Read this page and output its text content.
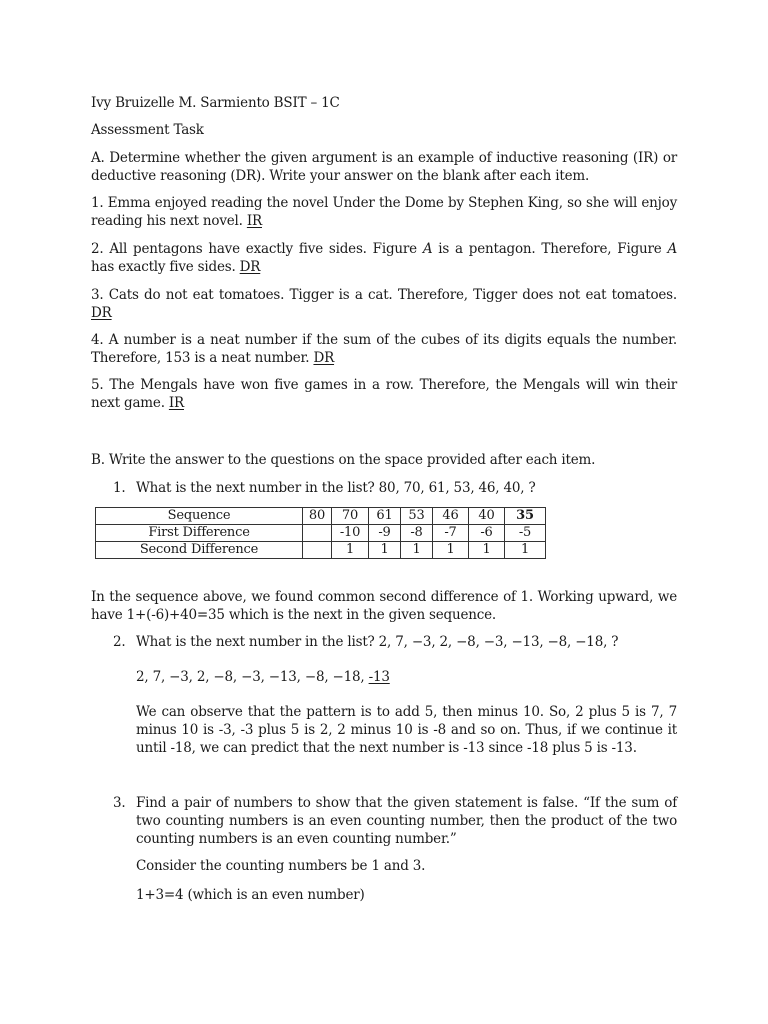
Ivy Bruizelle M. Sarmiento BSIT – 1C
Assessment Task
A. Determine whether the given argument is an example of inductive reasoning (IR) or deductive reasoning (DR). Write your answer on the blank after each item.
1. Emma enjoyed reading the novel Under the Dome by Stephen King, so she will enjoy reading his next novel. IR
2. All pentagons have exactly five sides. Figure A is a pentagon. Therefore, Figure A has exactly five sides. DR
3. Cats do not eat tomatoes. Tigger is a cat. Therefore, Tigger does not eat tomatoes. DR
4. A number is a neat number if the sum of the cubes of its digits equals the number. Therefore, 153 is a neat number. DR
5. The Mengals have won five games in a row. Therefore, the Mengals will win their next game. IR
B. Write the answer to the questions on the space provided after each item.
1. What is the next number in the list? 80, 70, 61, 53, 46, 40, ?
Sequence	80	70	61	53	46	40	35
First Difference		-10	-9	-8	-7	-6	-5
Second Difference		1	1	1	1	1	1
In the sequence above, we found common second difference of 1. Working upward, we have 1+(-6)+40=35 which is the next in the given sequence.
2. What is the next number in the list? 2, 7, −3, 2, −8, −3, −13, −8, −18, ?
2, 7, −3, 2, −8, −3, −13, −8, −18, -13
We can observe that the pattern is to add 5, then minus 10. So, 2 plus 5 is 7, 7 minus 10 is -3, -3 plus 5 is 2, 2 minus 10 is -8 and so on. Thus, if we continue it until -18, we can predict that the next number is -13 since -18 plus 5 is -13.
3. Find a pair of numbers to show that the given statement is false. “If the sum of two counting numbers is an even counting number, then the product of the two counting numbers is an even counting number.”
Consider the counting numbers be 1 and 3.
1+3=4 (which is an even number)
